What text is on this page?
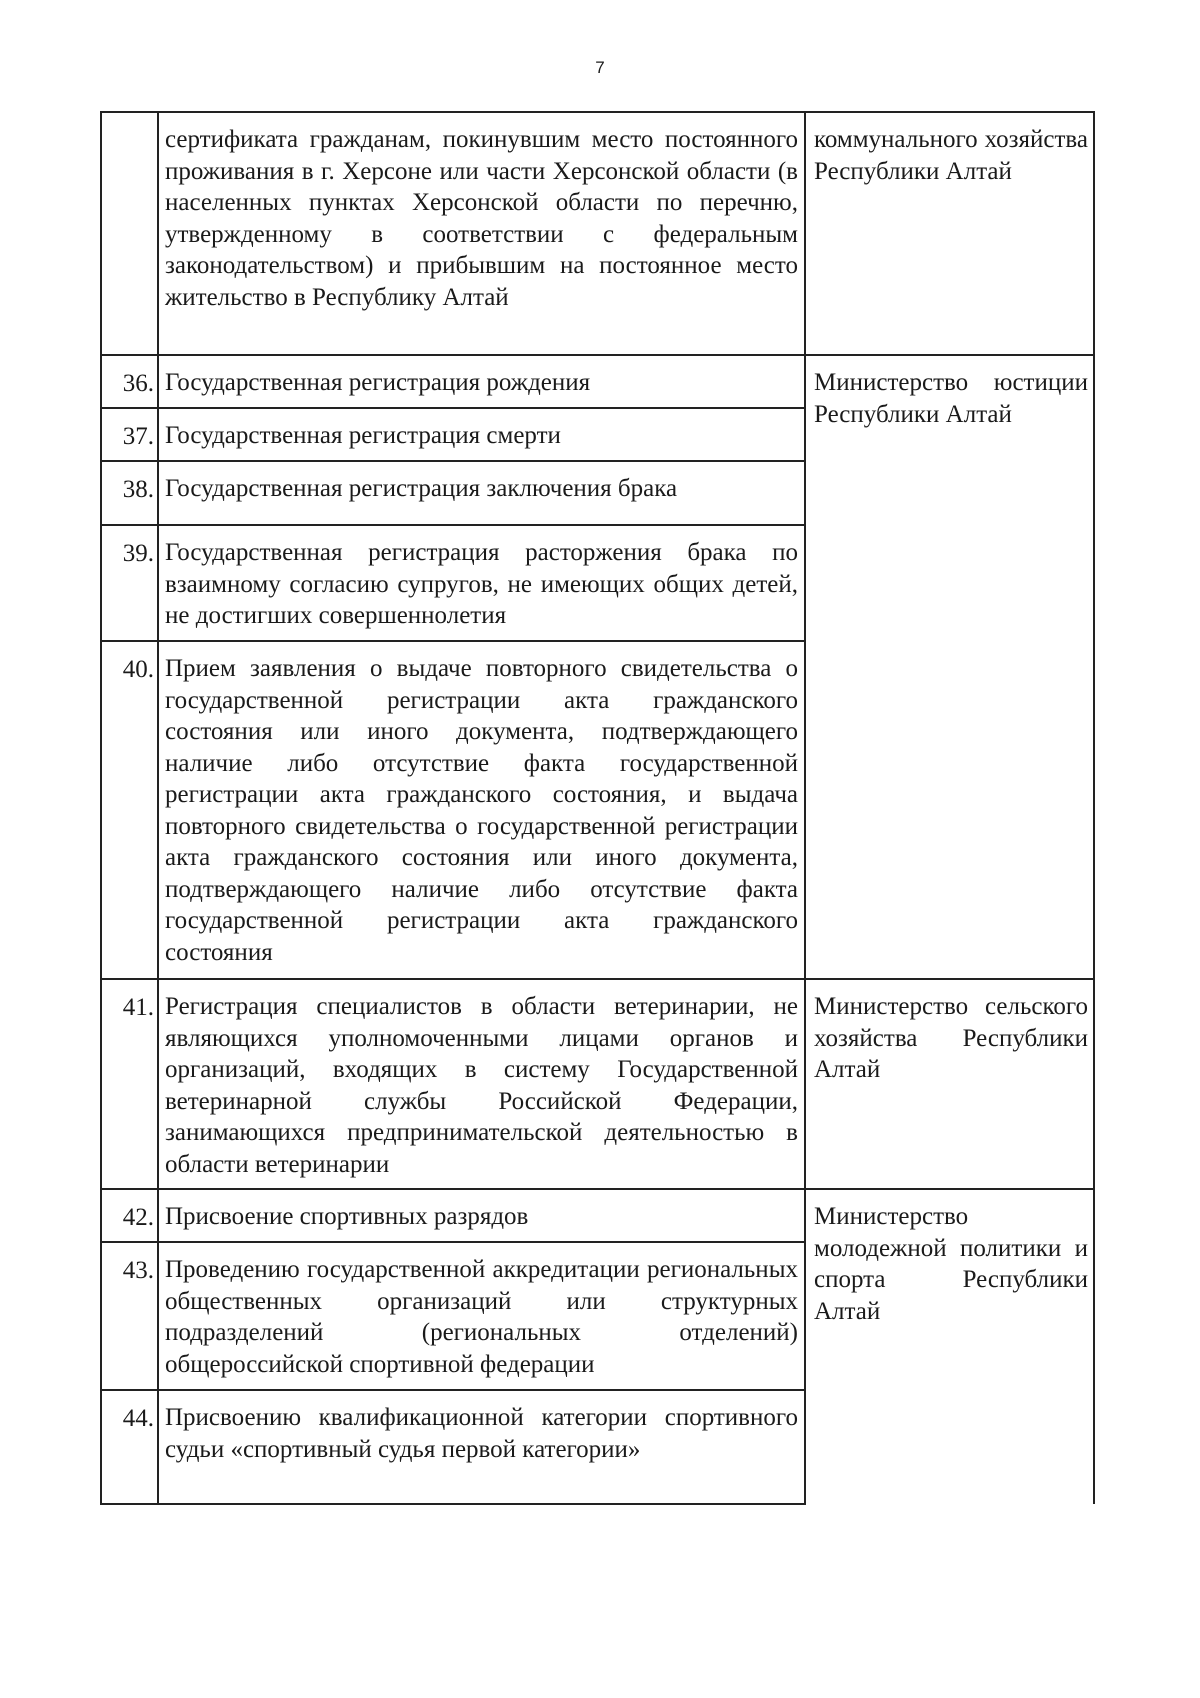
7
36.
37.
38.
39.
40.
41.
42.
43.
44.
сертификата гражданам, покинувшим место постоянного проживания в г. Херсоне или части Херсонской области (в населенных пунктах Херсонской области по перечню, утвержденному в соответствии с федеральным законодательством) и прибывшим на постоянное место жительство в Республику Алтай
Государственная регистрация рождения
Государственная регистрация смерти
Государственная регистрация заключения брака
Государственная регистрация расторжения брака по взаимному согласию супругов, не имеющих общих детей, не достигших совершеннолетия
Прием заявления о выдаче повторного свидетельства о государственной регистрации акта гражданского состояния или иного документа, подтверждающего наличие либо отсутствие факта государственной регистрации акта гражданского состояния, и выдача повторного свидетельства о государственной регистрации акта гражданского состояния или иного документа, подтверждающего наличие либо отсутствие факта государственной регистрации акта гражданского состояния
Регистрация специалистов в области ветеринарии, не являющихся уполномоченными лицами органов и организаций, входящих в систему Государственной ветеринарной службы Российской Федерации, занимающихся предпринимательской деятельностью в области ветеринарии
Присвоение спортивных разрядов
Проведению государственной аккредитации региональных общественных организаций или структурных подразделений (региональных отделений) общероссийской спортивной федерации
Присвоению квалификационной категории спортивного судьи «спортивный судья первой категории»
коммунального хозяйства Республики Алтай
Министерство юстиции Республики Алтай
Министерство сельского хозяйства Республики Алтай
Министерство молодежной политики и спорта Республики Алтай
